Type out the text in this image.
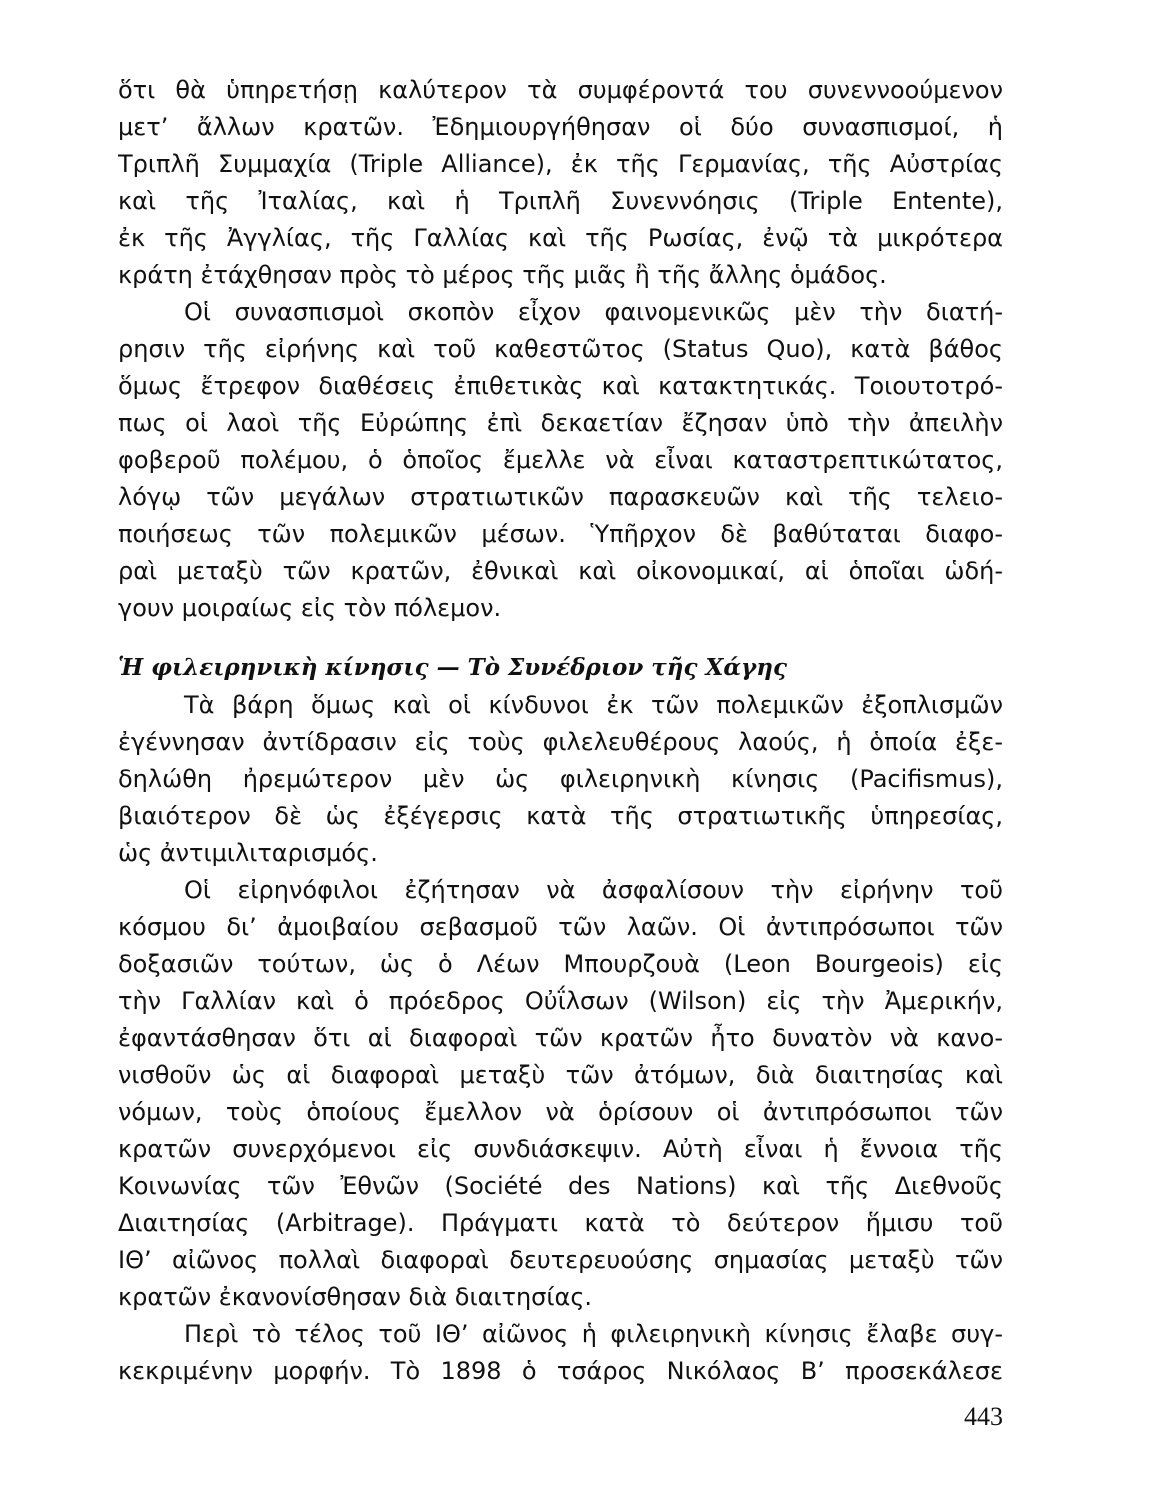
ὅτι θὰ ὑπηρετήσῃ καλύτερον τὰ συμφέροντά του συνεννοούμενον
μετ’ ἄλλων κρατῶν. Ἐδημιουργήθησαν οἱ δύο συνασπισμοί, ἡ
Τριπλῆ Συμμαχία (Triple Alliance), ἐκ τῆς Γερμανίας, τῆς Αὐστρίας
καὶ τῆς Ἰταλίας, καὶ ἡ Τριπλῆ Συνεννόησις (Triple Entente),
ἐκ τῆς Ἀγγλίας, τῆς Γαλλίας καὶ τῆς Ρωσίας, ἐνῷ τὰ μικρότερα
κράτη ἐτάχθησαν πρὸς τὸ μέρος τῆς μιᾶς ἢ τῆς ἄλλης ὁμάδος.
Οἱ συνασπισμοὶ σκοπὸν εἶχον φαινομενικῶς μὲν τὴν διατή-
ρησιν τῆς εἰρήνης καὶ τοῦ καθεστῶτος (Status Quo), κατὰ βάθος
ὅμως ἔτρεφον διαθέσεις ἐπιθετικὰς καὶ κατακτητικάς. Τοιουτοτρό-
πως οἱ λαοὶ τῆς Εὐρώπης ἐπὶ δεκαετίαν ἔζησαν ὑπὸ τὴν ἀπειλὴν
φοβεροῦ πολέμου, ὁ ὁποῖος ἔμελλε νὰ εἶναι καταστρεπτικώτατος,
λόγῳ τῶν μεγάλων στρατιωτικῶν παρασκευῶν καὶ τῆς τελειο-
ποιήσεως τῶν πολεμικῶν μέσων. Ὑπῆρχον δὲ βαθύταται διαφο-
ραὶ μεταξὺ τῶν κρατῶν, ἐθνικαὶ καὶ οἰκονομικαί, αἱ ὁποῖαι ὡδή-
γουν μοιραίως εἰς τὸν πόλεμον.
Ἡ φιλειρηνικὴ κίνησις — Τὸ Συνέδριον τῆς Χάγης
Τὰ βάρη ὅμως καὶ οἱ κίνδυνοι ἐκ τῶν πολεμικῶν ἐξοπλισμῶν
ἐγέννησαν ἀντίδρασιν εἰς τοὺς φιλελευθέρους λαούς, ἡ ὁποία ἐξε-
δηλώθη ἠρεμώτερον μὲν ὡς φιλειρηνικὴ κίνησις (Pacifismus),
βιαιότερον δὲ ὡς ἐξέγερσις κατὰ τῆς στρατιωτικῆς ὑπηρεσίας,
ὡς ἀντιμιλιταρισμός.
Οἱ εἰρηνόφιλοι ἐζήτησαν νὰ ἀσφαλίσουν τὴν εἰρήνην τοῦ
κόσμου δι’ ἀμοιβαίου σεβασμοῦ τῶν λαῶν. Οἱ ἀντιπρόσωποι τῶν
δοξασιῶν τούτων, ὡς ὁ Λέων Μπουρζουὰ (Leon Bourgeois) εἰς
τὴν Γαλλίαν καὶ ὁ πρόεδρος Οὐΐλσων (Wilson) εἰς τὴν Ἀμερικήν,
ἐφαντάσθησαν ὅτι αἱ διαφοραὶ τῶν κρατῶν ἦτο δυνατὸν νὰ κανο-
νισθοῦν ὡς αἱ διαφοραὶ μεταξὺ τῶν ἀτόμων, διὰ διαιτησίας καὶ
νόμων, τοὺς ὁποίους ἔμελλον νὰ ὁρίσουν οἱ ἀντιπρόσωποι τῶν
κρατῶν συνερχόμενοι εἰς συνδιάσκεψιν. Αὐτὴ εἶναι ἡ ἔννοια τῆς
Κοινωνίας τῶν Ἐθνῶν (Société des Nations) καὶ τῆς Διεθνοῦς
Διαιτησίας (Arbitrage). Πράγματι κατὰ τὸ δεύτερον ἥμισυ τοῦ
ΙΘ’ αἰῶνος πολλαὶ διαφοραὶ δευτερευούσης σημασίας μεταξὺ τῶν
κρατῶν ἐκανονίσθησαν διὰ διαιτησίας.
Περὶ τὸ τέλος τοῦ ΙΘ’ αἰῶνος ἡ φιλειρηνικὴ κίνησις ἔλαβε συγ-
κεκριμένην μορφήν. Τὸ 1898 ὁ τσάρος Νικόλαος Β’ προσεκάλεσε
443
